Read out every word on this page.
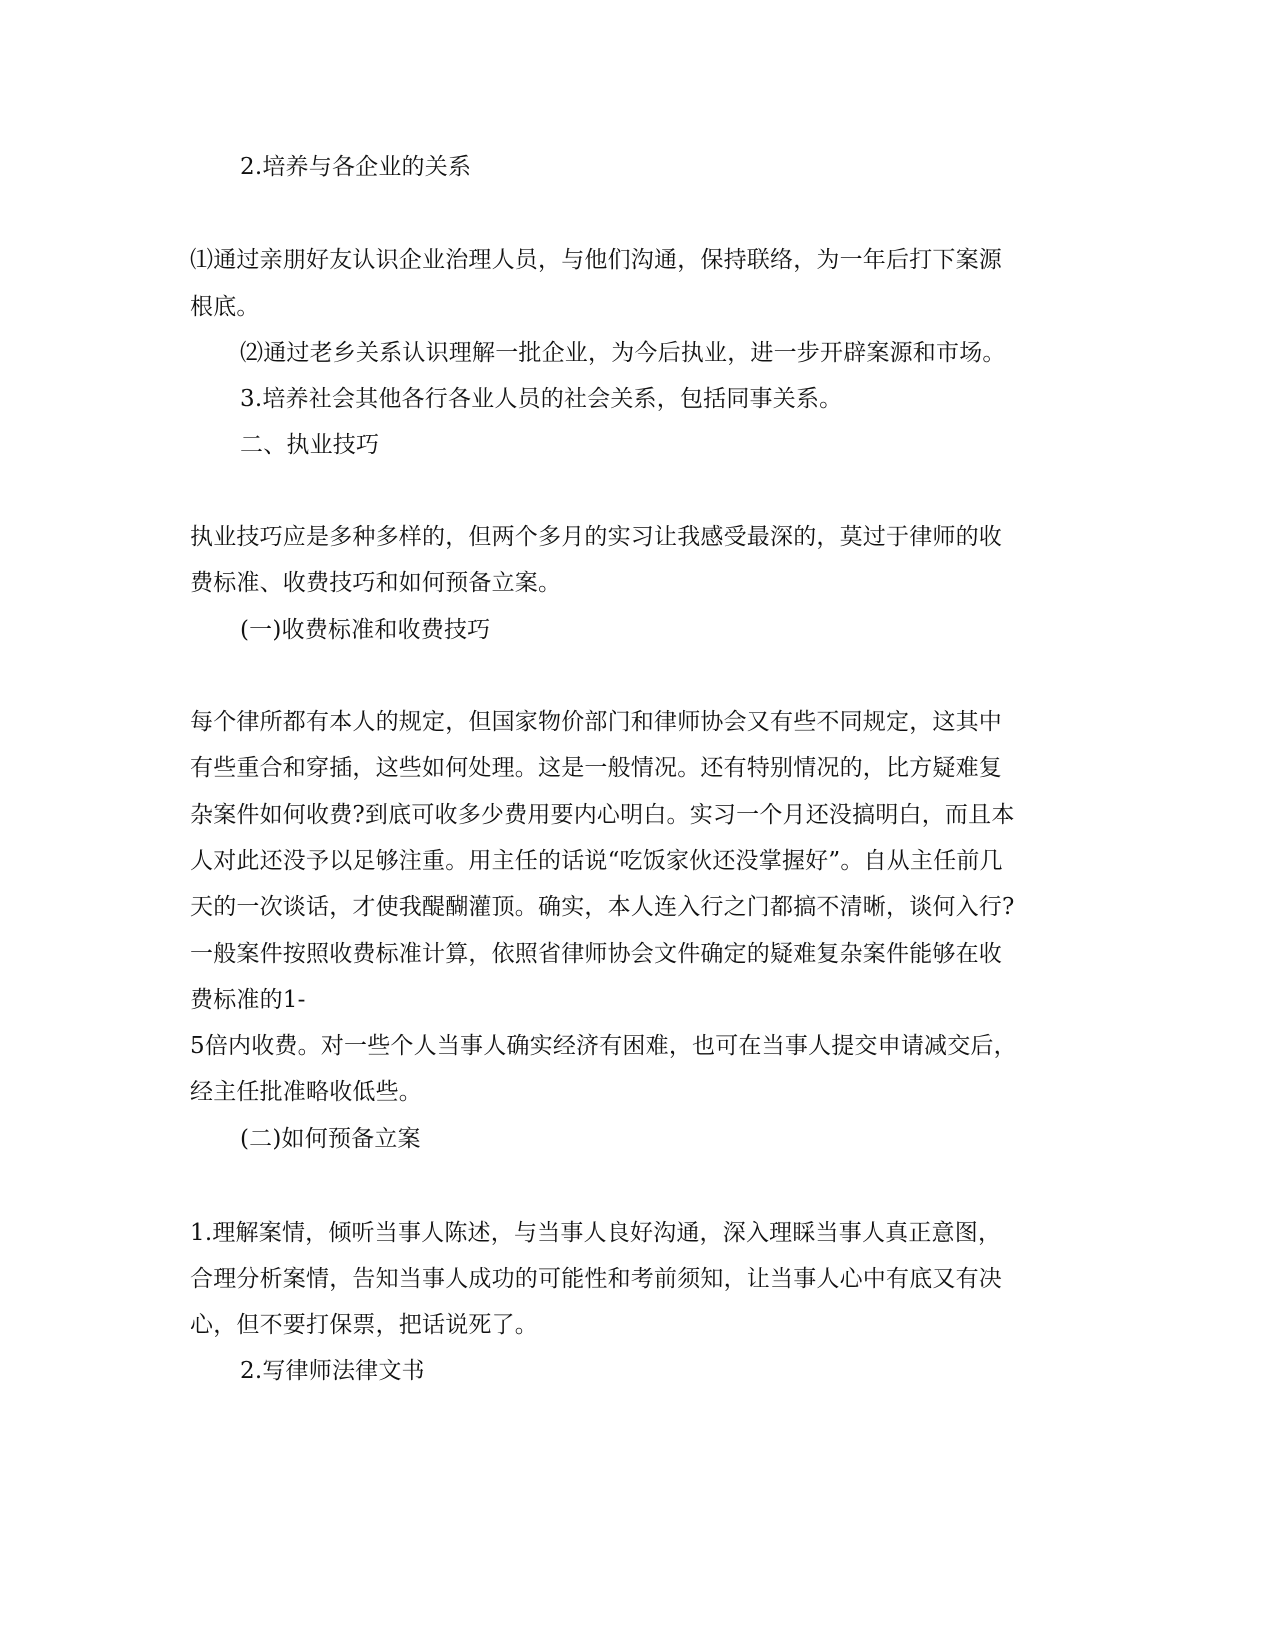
2.培养与各企业的关系

⑴通过亲朋好友认识企业治理人员，与他们沟通，保持联络，为一年后打下案源

根底。

⑵通过老乡关系认识理解一批企业，为今后执业，进一步开辟案源和市场。

3.培养社会其他各行各业人员的社会关系，包括同事关系。

二、执业技巧

执业技巧应是多种多样的，但两个多月的实习让我感受最深的，莫过于律师的收

费标准、收费技巧和如何预备立案。

(一)收费标准和收费技巧

每个律所都有本人的规定，但国家物价部门和律师协会又有些不同规定，这其中

有些重合和穿插，这些如何处理。这是一般情况。还有特别情况的，比方疑难复

杂案件如何收费?到底可收多少费用要内心明白。实习一个月还没搞明白，而且本

人对此还没予以足够注重。用主任的话说“吃饭家伙还没掌握好”。自从主任前几

天的一次谈话，才使我醍醐灌顶。确实，本人连入行之门都搞不清晰，谈何入行?

一般案件按照收费标准计算，依照省律师协会文件确定的疑难复杂案件能够在收

费标准的1-

5倍内收费。对一些个人当事人确实经济有困难，也可在当事人提交申请减交后，

经主任批准略收低些。

(二)如何预备立案

1.理解案情，倾听当事人陈述，与当事人良好沟通，深入理睬当事人真正意图，

合理分析案情，告知当事人成功的可能性和考前须知，让当事人心中有底又有决

心，但不要打保票，把话说死了。

2.写律师法律文书
